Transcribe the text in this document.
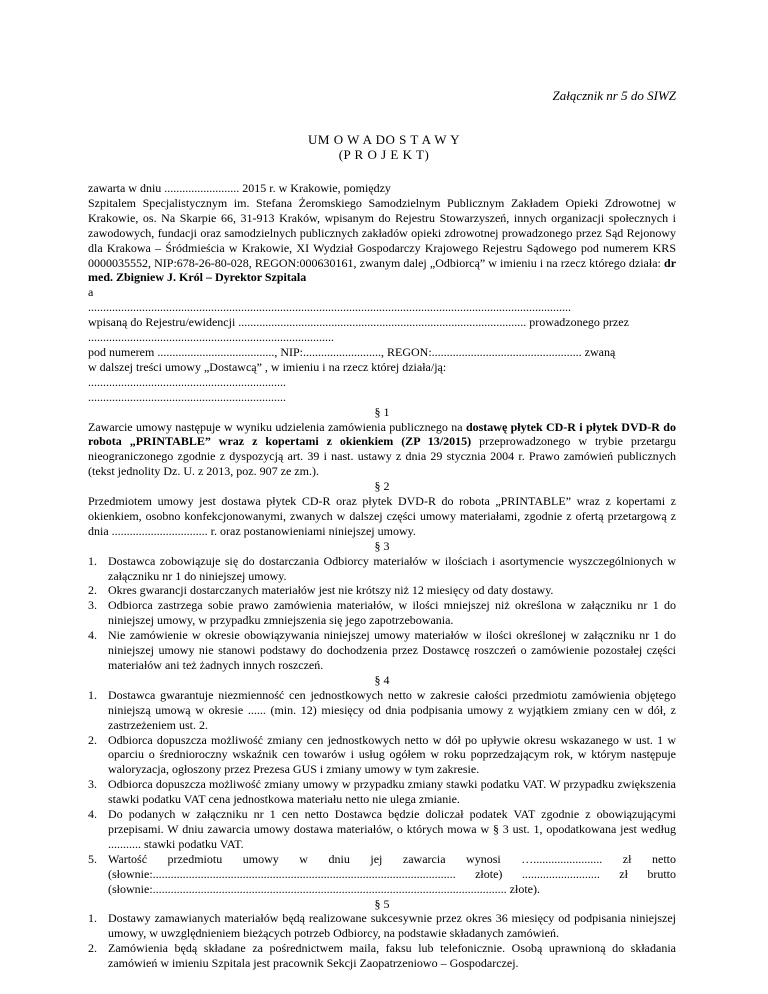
Załącznik nr 5 do SIWZ
UM O W A DO S T A W Y
(P R O J E K T)

zawarta w dniu ......................... 2015 r. w Krakowie, pomiędzy

Szpitalem Specjalistycznym im. Stefana Żeromskiego Samodzielnym Publicznym Zakładem Opieki Zdrowotnej w Krakowie, os. Na Skarpie 66, 31-913 Kraków, wpisanym do Rejestru Stowarzyszeń, innych organizacji społecznych i zawodowych, fundacji oraz samodzielnych publicznych zakładów opieki zdrowotnej prowadzonego przez Sąd Rejonowy dla Krakowa – Śródmieścia w Krakowie, XI Wydział Gospodarczy Krajowego Rejestru Sądowego pod numerem KRS 0000035552, NIP:678-26-80-028, REGON:000630161, zwanym dalej „Odbiorcą” w imieniu i na rzecz którego działa: dr med. Zbigniew J. Król – Dyrektor Szpitala

a

.................................................................................................................................................................

wpisaną do Rejestru/ewidencji ................................................................................................ prowadzonego przez

..................................................................................

pod numerem ......................................., NIP:.........................., REGON:.................................................. zwaną

w dalszej treści umowy „Dostawcą” , w imieniu i na rzecz której działa/ją:

..................................................................

..................................................................

§ 1

Zawarcie umowy następuje w wyniku udzielenia zamówienia publicznego na dostawę płytek CD-R i płytek DVD-R do robota „PRINTABLE” wraz z kopertami z okienkiem (ZP 13/2015) przeprowadzonego w trybie przetargu nieograniczonego zgodnie z dyspozycją art. 39 i nast. ustawy z dnia 29 stycznia 2004 r. Prawo zamówień publicznych (tekst jednolity Dz. U. z 2013, poz. 907 ze zm.).

§ 2

Przedmiotem umowy jest dostawa płytek CD-R oraz płytek DVD-R do robota „PRINTABLE” wraz z kopertami z okienkiem, osobno konfekcjonowanymi, zwanych w dalszej części umowy materiałami, zgodnie z ofertą przetargową z dnia ................................ r. oraz postanowieniami niniejszej umowy.

§ 3

1. Dostawca zobowiązuje się do dostarczania Odbiorcy materiałów w ilościach i asortymencie wyszczególnionych w załączniku nr 1 do niniejszej umowy.
2. Okres gwarancji dostarczanych materiałów jest nie krótszy niż 12 miesięcy od daty dostawy.
3. Odbiorca zastrzega sobie prawo zamówienia materiałów, w ilości mniejszej niż określona w załączniku nr 1 do niniejszej umowy, w przypadku zmniejszenia się jego zapotrzebowania.
4. Nie zamówienie w okresie obowiązywania niniejszej umowy materiałów w ilości określonej w załączniku nr 1 do niniejszej umowy nie stanowi podstawy do dochodzenia przez Dostawcę roszczeń o zamówienie pozostałej części materiałów ani też żadnych innych roszczeń.

§ 4

1. Dostawca gwarantuje niezmienność cen jednostkowych netto w zakresie całości przedmiotu zamówienia objętego niniejszą umową w okresie ...... (min. 12) miesięcy od dnia podpisania umowy z wyjątkiem zmiany cen w dół, z zastrzeżeniem ust. 2.
2. Odbiorca dopuszcza możliwość zmiany cen jednostkowych netto w dół po upływie okresu wskazanego w ust. 1 w oparciu o średnioroczny wskaźnik cen towarów i usług ogółem w roku poprzedzającym rok, w którym następuje waloryzacja, ogłoszony przez Prezesa GUS i zmiany umowy w tym zakresie.
3. Odbiorca dopuszcza możliwość zmiany umowy w przypadku zmiany stawki podatku VAT. W przypadku zwiększenia stawki podatku VAT cena jednostkowa materiału netto nie ulega zmianie.
4. Do podanych w załączniku nr 1 cen netto Dostawca będzie doliczał podatek VAT zgodnie z obowiązującymi przepisami. W dniu zawarcia umowy dostawa materiałów, o których mowa w § 3 ust. 1, opodatkowana jest według ........... stawki podatku VAT.
5. Wartość przedmiotu umowy w dniu jej zawarcia wynosi …....................... zł netto (słownie:..................................................................................................... złote) .......................... zł brutto (słownie:...................................................................................................................... złote).

§ 5

1. Dostawy zamawianych materiałów będą realizowane sukcesywnie przez okres 36 miesięcy od podpisania niniejszej umowy, w uwzględnieniem bieżących potrzeb Odbiorcy, na podstawie składanych zamówień.
2. Zamówienia będą składane za pośrednictwem maila, faksu lub telefonicznie. Osobą uprawnioną do składania zamówień w imieniu Szpitala jest pracownik Sekcji Zaopatrzeniowo – Gospodarczej.
